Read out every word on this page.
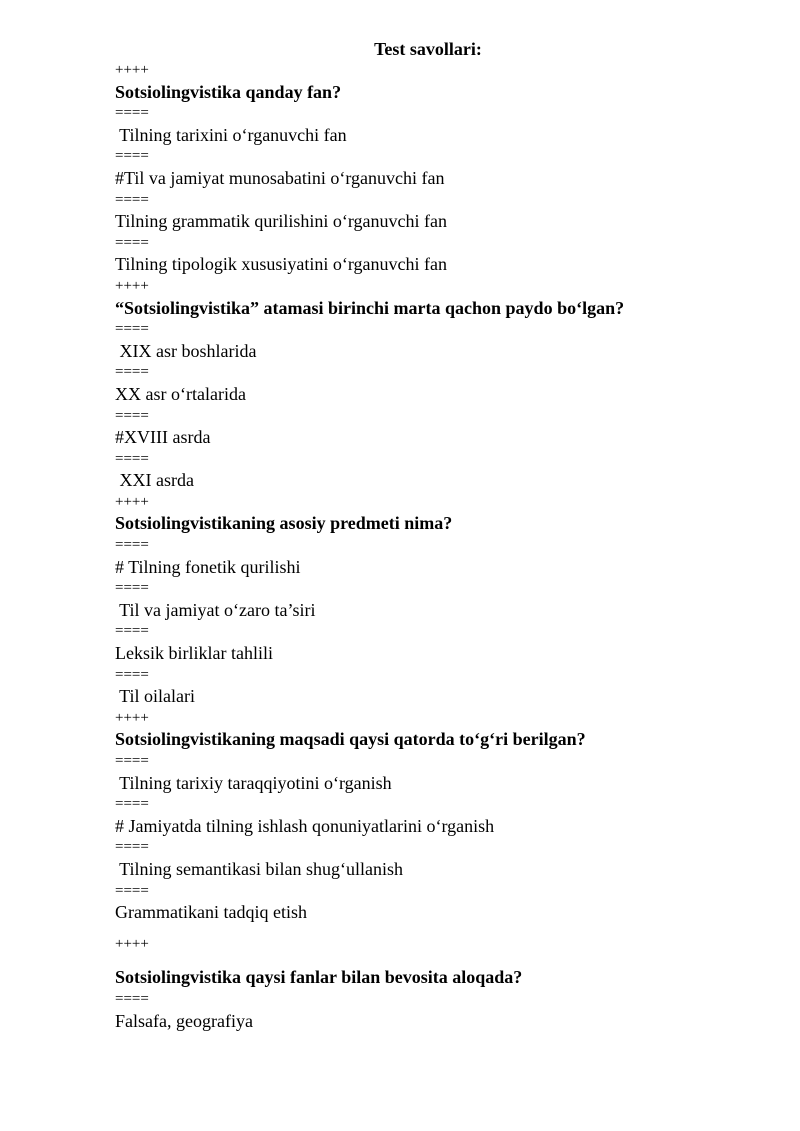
Test savollari:
++++
Sotsiolingvistika qanday fan?
====
Tilning tarixini o‘rganuvchi fan
====
#Til va jamiyat munosabatini o‘rganuvchi fan
====
Tilning grammatik qurilishini o‘rganuvchi fan
====
Tilning tipologik xususiyatini o‘rganuvchi fan
++++
“Sotsiolingvistika” atamasi birinchi marta qachon paydo bo‘lgan?
====
XIX asr boshlarida
====
XX asr o‘rtalarida
====
#XVIII asrda
====
XXI asrda
++++
Sotsiolingvistikaning asosiy predmeti nima?
====
# Tilning fonetik qurilishi
====
Til va jamiyat o‘zaro ta’siri
====
Leksik birliklar tahlili
====
Til oilalari
++++
Sotsiolingvistikaning maqsadi qaysi qatorda to‘g‘ri berilgan?
====
Tilning tarixiy taraqqiyotini o‘rganish
====
# Jamiyatda tilning ishlash qonuniyatlarini o‘rganish
====
Tilning semantikasi bilan shug‘ullanish
====
Grammatikani tadqiq etish
++++
Sotsiolingvistika qaysi fanlar bilan bevosita aloqada?
====
Falsafa, geografiya
